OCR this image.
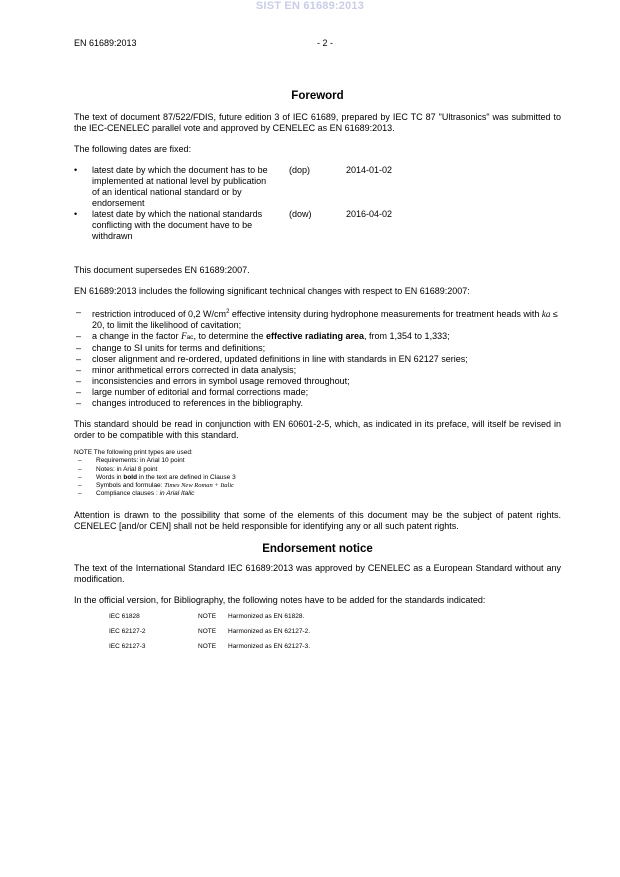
SIST EN 61689:2013
EN 61689:2013	- 2 -
Foreword

The text of document 87/522/FDIS, future edition 3 of IEC 61689, prepared by IEC TC 87 "Ultrasonics" was submitted to the IEC-CENELEC parallel vote and approved by CENELEC as EN 61689:2013.

The following dates are fixed:

• latest date by which the document has to be implemented at national level by publication of an identical national standard or by endorsement
(dop)	2014-01-02
• latest date by which the national standards conflicting with the document have to be withdrawn
(dow)	2016-04-02

This document supersedes EN 61689:2007.

EN 61689:2013 includes the following significant technical changes with respect to EN 61689:2007:

– restriction introduced of 0,2 $W/cm^2$ effective intensity during hydrophone measurements for treatment heads with ka ≤ 20, to limit the likelihood of cavitation;
– a change in the factor Fac, to determine the effective radiating area, from 1,354 to 1,333;
– change to SI units for terms and definitions;
– closer alignment and re-ordered, updated definitions in line with standards in EN 62127 series;
– minor arithmetical errors corrected in data analysis;
– inconsistencies and errors in symbol usage removed throughout;
– large number of editorial and formal corrections made;
– changes introduced to references in the bibliography.

This standard should be read in conjunction with EN 60601-2-5, which, as indicated in its preface, will itself be revised in order to be compatible with this standard.

NOTE The following print types are used:
– Requirements: in Arial 10 point
– Notes: in Arial 8 point
– Words in bold in the text are defined in Clause 3
– Symbols and formulae: Times New Roman + Italic
– Compliance clauses : in Arial Italic

Attention is drawn to the possibility that some of the elements of this document may be the subject of patent rights. CENELEC [and/or CEN] shall not be held responsible for identifying any or all such patent rights.

Endorsement notice

The text of the International Standard IEC 61689:2013 was approved by CENELEC as a European Standard without any modification.

In the official version, for Bibliography, the following notes have to be added for the standards indicated:

IEC 61828	NOTE Harmonized as EN 61828.
IEC 62127-2	NOTE Harmonized as EN 62127-2.
IEC 62127-3	NOTE Harmonized as EN 62127-3.
